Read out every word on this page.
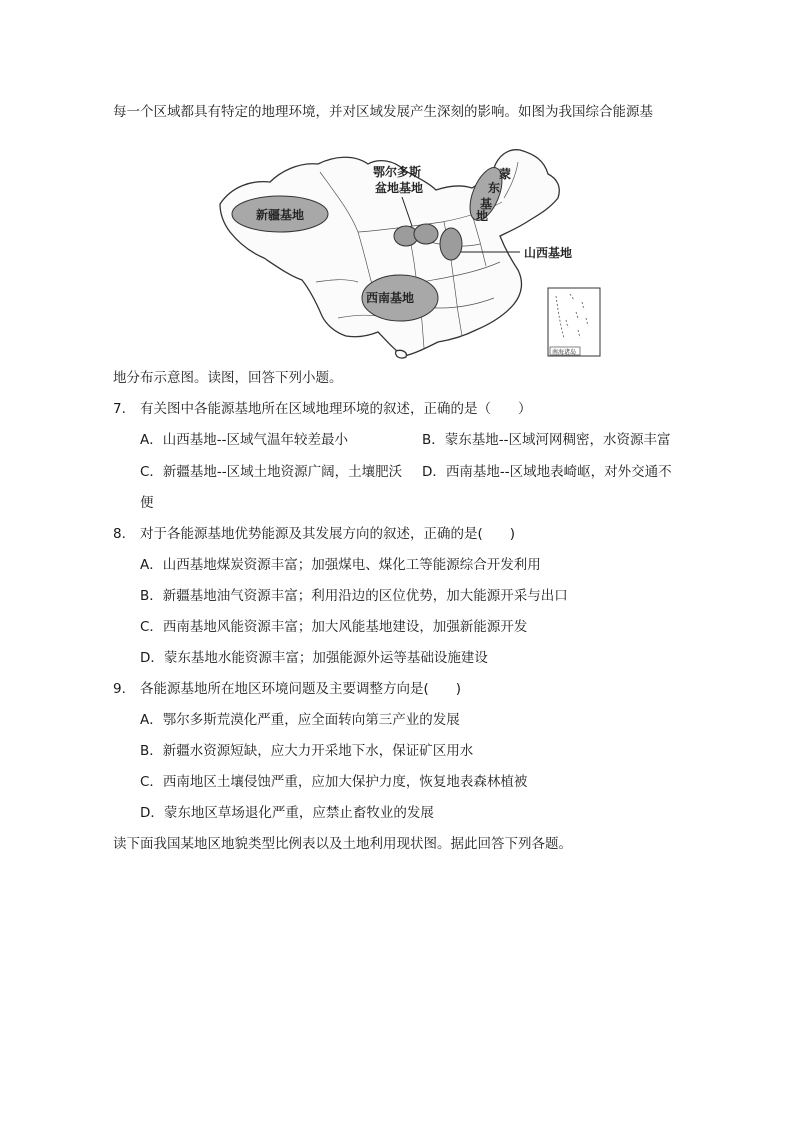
每一个区域都具有特定的地理环境，并对区域发展产生深刻的影响。如图为我国综合能源基
新疆基地
西南基地
鄂尔多斯
盆地基地
蒙
东
基
地
山西基地
南海诸岛
地分布示意图。读图，回答下列小题。
7. 有关图中各能源基地所在区域地理环境的叙述，正确的是（　　）
A．山西基地--区域气温年较差最小	B．蒙东基地--区域河网稠密，水资源丰富
C．新疆基地--区域土地资源广阔，土壤肥沃 D．西南基地--区域地表崎岖，对外交通不
便
8. 对于各能源基地优势能源及其发展方向的叙述，正确的是(　　)
A．山西基地煤炭资源丰富；加强煤电、煤化工等能源综合开发利用
B．新疆基地油气资源丰富；利用沿边的区位优势，加大能源开采与出口
C．西南基地风能资源丰富；加大风能基地建设，加强新能源开发
D．蒙东基地水能资源丰富；加强能源外运等基础设施建设
9. 各能源基地所在地区环境问题及主要调整方向是(　　)
A．鄂尔多斯荒漠化严重，应全面转向第三产业的发展
B．新疆水资源短缺，应大力开采地下水，保证矿区用水
C．西南地区土壤侵蚀严重，应加大保护力度，恢复地表森林植被
D．蒙东地区草场退化严重，应禁止畜牧业的发展
读下面我国某地区地貌类型比例表以及土地利用现状图。据此回答下列各题。
